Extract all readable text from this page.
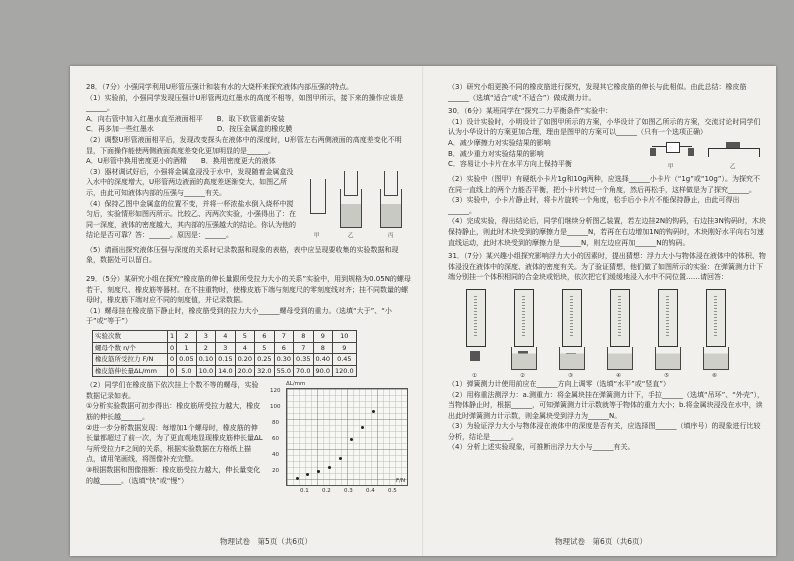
28．（7分）小强同学利用U形管压强计和装有水的大烧杯来探究液体内部压强的特点。

（1）实验前，小强同学发现压强计U形管两边红墨水的高度不相等，如图甲所示，接下来的操作应该是______。

A．向右管中加入红墨水直至液面相平　　B．取下软管重新安装

C．再多加一些红墨水　　　　　　　　　D．按压金属盒的橡皮膜

（2）调整U形管液面相平后，发现改变探头在液体中的深度时，U形管左右两侧液面的高度差变化不明显，下面操作能使两侧液面高度差变化更加明显的是______。

A．U形管中换用密度更小的酒精　　B．换用密度更大的液体

（3）器材调试好后，小强将金属盒浸没于水中，发现随着金属盒没入水中的深度增大，U形管两边液面的高度差逐渐变大，如图乙所示，由此可知液体内部的压强与______有关。

（4）保持乙图中金属盒的位置不变，并将一杯浓盐水倒入烧杯中搅匀后，实验情形如图丙所示。比较乙、丙两次实验，小强得出了：在同一深度，液体的密度越大，其内部的压强越大的结论。你认为他的结论是否可靠？答：______。原因是：______。	甲	乙	丙

（5）请画出探究液体压强与深度的关系时记录数据和现象的表格，表中应呈现要收集的实验数据和现象，数据处可以留白。

29．（5分）某研究小组在探究“橡皮筋的伸长量跟所受拉力大小的关系”实验中，用到规格为0.05N的螺母若干、刻度尺、橡皮筋等器材。在不挂重物时，使橡皮筋下端与刻度尺的零刻度线对齐；挂不同数量的螺母时，橡皮筋下端对应不同的刻度值，并记录数据。

（1）螺母挂在橡皮筋下静止时，橡皮筋受到的拉力大小______螺母受到的重力。（选填“大于”、“小于”或“等于”）

实验次数	1	2	3	4	5	6	7	8	9	10
螺母个数 n/个	0	1	2	3	4	5	6	7	8	9
橡皮筋所受拉力 F/N	0	0.05	0.10	0.15	0.20	0.25	0.30	0.35	0.40	0.45
橡皮筋伸长量ΔL/mm	0	5.0	10.0	14.0	20.0	32.0	55.0	70.0	90.0	120.0

（2）同学们在橡皮筋下依次挂上个数不等的螺母，实验数据记录如表。

①分析实验数据可初步得出：橡皮筋所受拉力越大，橡皮筋的伸长越______。

②进一步分析数据发现：每增加1个螺母时，橡皮筋的伸长量都超过了前一次，为了更直观地显现橡皮筋伸长量ΔL与所受拉力F之间的关系，根据实验数据在方格纸上描点，请用笔画线，将图像补充完整。

③根据数据和图像推断：橡皮筋受拉力越大，伸长量变化的越______。（选填“快”或“慢”）

ΔL/mm
120
100
80
60
40
20
0.1 0.2 0.3 0.4 0.5
F/N
物理试卷　第5页（共6页）

（3）研究小组更换不同的橡皮筋进行探究，发现其它橡皮筋的伸长与此相似。由此总结：橡皮筋______（选填“适合”或“不适合”）做成测力计。

30．（6分）某班同学在“探究二力平衡条件”实验中：

（1）设计实验时，小明设计了如图甲所示的方案，小华设计了如图乙所示的方案，交流讨论时同学们认为小华设计的方案更加合理，理由是图甲的方案可以______（只有一个选项正确）

A．减少摩擦力对实验结果的影响

B．减少重力对实验结果的影响

C．容易让小卡片在水平方向上保持平衡	甲	乙

（2）实验中（图甲）有硬纸小卡片1g和10g两种，应选择______小卡片（“1g”或“10g”）。为探究不在同一直线上的两个力能否平衡，把小卡片转过一个角度，然后再松手，这样做是为了探究______。

（3）实验中，小卡片静止时，将卡片旋转一个角度，松手后小卡片不能保持静止，由此可得出______。

（4）完成实验，得出结论后，同学们继续分析图乙装置，若左边挂2N的钩码，右边挂3N钩码时，木块保持静止，则此时木块受到的摩擦力是______N，若再在右边增加1N的钩码时，木块刚好水平向右匀速直线运动，此时木块受到的摩擦力是______N，则左边应再加______N的钩码。

31．（7分）某兴趣小组探究影响浮力大小的因素时，提出猜想：浮力大小与物体浸在液体中的体积、物体浸没在液体中的深度、液体的密度有关。为了验证猜想，他们做了如图所示的实验：在弹簧测力计下端分别挂一个体积相同的合金块或铝块，依次把它们缓缓地浸入水中不同位置……请回答：

①	②	③	④	⑤	⑥

（1）弹簧测力计使用前应在______方向上调零（选填“水平”或“竖直”）

（2）用称重法测浮力：a.测重力：将金属块挂在弹簧测力计下，手拉______（选填“吊环”、“外壳”），当物体静止时，根据______，可知弹簧测力计示数就等于物体的重力大小；b.将金属块浸没在水中，读出此时弹簧测力计示数，则金属块受到浮力为______N。

（3）为验证浮力大小与物体浸在液体中的深度是否有关，应选择图______（填序号）的现象进行比较分析，结论是______。

（4）分析上述实验现象，可推断出浮力大小与______有关。

物理试卷　第6页（共6页）
